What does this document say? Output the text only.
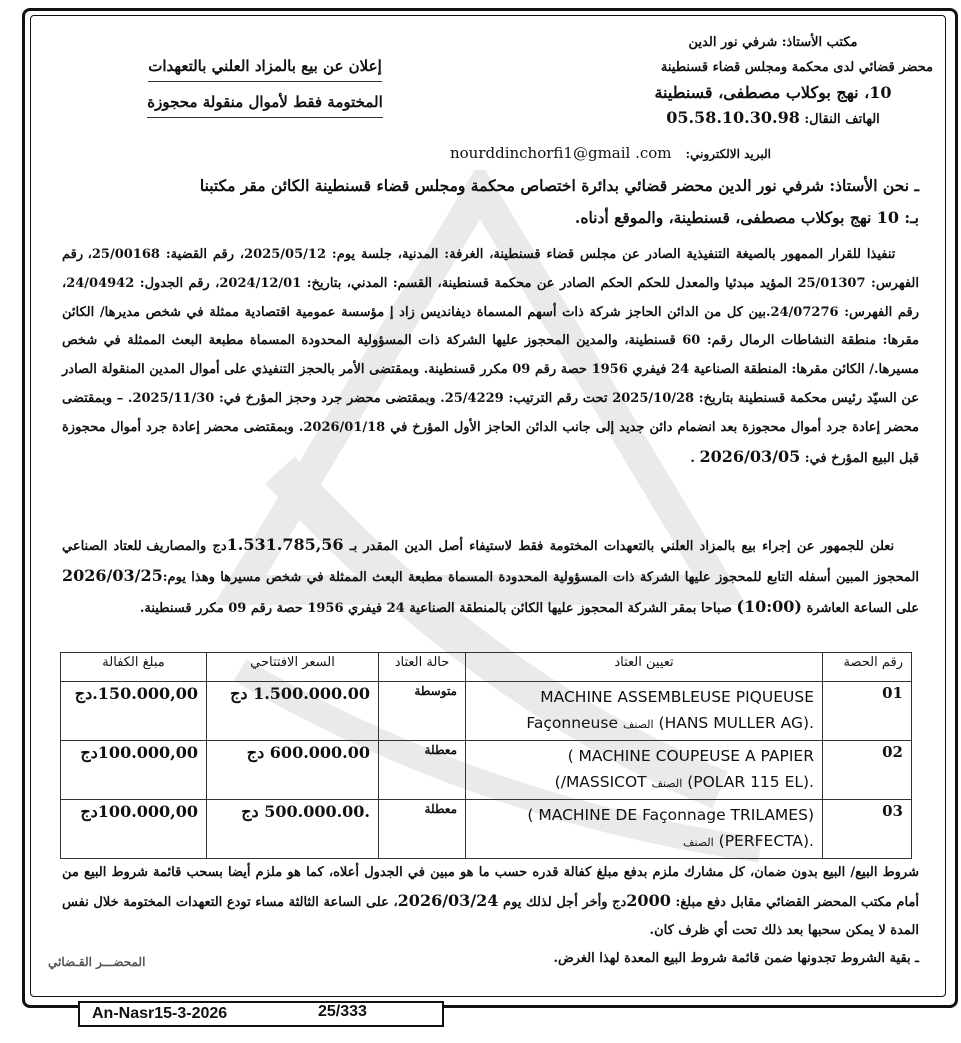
إعلان عن بيع بالمزاد العلني بالتعهدات
المختومة فقط لأموال منقولة محجوزة
مكتب الأستاذ: شرفي نور الدين
محضر قضائي لدى محكمة ومجلس قضاء قسنطينة
10، نهج بوكلاب مصطفى، قسنطينة
الهاتف النقال: 05.58.10.30.98
البريد الالكتروني: nourddinchorfi1@gmail .com
ـ نحن الأستاذ: شرفي نور الدين محضر قضائي بدائرة اختصاص محكمة ومجلس قضاء قسنطينة الكائن مقر مكتبنا
بـ: 10 نهج بوكلاب مصطفى، قسنطينة، والموقع أدناه.
تنفيذا للقرار الممهور بالصيغة التنفيذية الصادر عن مجلس قضاء قسنطينة، الغرفة: المدنية، جلسة يوم: 2025/05/12، رقم القضية: 25/00168، رقم الفهرس: 25/01307 المؤيد مبدئيا والمعدل للحكم الحكم الصادر عن محكمة قسنطينة، القسم: المدني، بتاريخ: 2024/12/01، رقم الجدول: 24/04942، رقم الفهرس: 24/07276.بين كل من الدائن الحاجز شركة ذات أسهم المسماة ديفانديس زاد إ مؤسسة عمومية اقتصادية ممثلة في شخص مديرها/ الكائن مقرها: منطقة النشاطات الرمال رقم: 60 قسنطينة، والمدين المحجوز عليها الشركة ذات المسؤولية المحدودة المسماة مطبعة البعث الممثلة في شخص مسيرها./ الكائن مقرها: المنطقة الصناعية 24 فيفري 1956 حصة رقم 09 مكرر قسنطينة. وبمقتضى الأمر بالحجز التنفيذي على أموال المدين المنقولة الصادر عن السيّد رئيس محكمة قسنطينة بتاريخ: 2025/10/28 تحت رقم الترتيب: 25/4229. وبمقتضى محضر جرد وحجز المؤرخ في: 2025/11/30. – وبمقتضى محضر إعادة جرد أموال محجوزة بعد انضمام دائن جديد إلى جانب الدائن الحاجز الأول المؤرخ في 2026/01/18. وبمقتضى محضر إعادة جرد أموال محجوزة قبل البيع المؤرخ في: 2026/03/05 .
نعلن للجمهور عن إجراء بيع بالمزاد العلني بالتعهدات المختومة فقط لاستيفاء أصل الدين المقدر بـ 1.531.785,56دج والمصاريف للعتاد الصناعي المحجوز المبين أسفله التابع للمحجوز عليها الشركة ذات المسؤولية المحدودة المسماة مطبعة البعث الممثلة في شخص مسيرها وهذا يوم:2026/03/25 على الساعة العاشرة (10:00) صباحا بمقر الشركة المحجوز عليها الكائن بالمنطقة الصناعية 24 فيفري 1956 حصة رقم 09 مكرر قسنطينة.
رقم الحصة	تعيين العتاد	حالة العتاد	السعر الافتتاحي	مبلغ الكفالة
01	MACHINE ASSEMBLEUSE PIQUEUSE
(HANS MULLER AG). الصنف Façonneuse	متوسطة	1.500.000.00 دج	150.000,00.دج
02	MACHINE COUPEUSE A PAPIER )
(POLAR 115 EL). الصنف MASSICOT/)	معطلة	600.000.00 دج	100.000,00دج
03	(MACHINE DE Façonnage TRILAMES )
(PERFECTA). الصنف	معطلة	.500.000.00 دج	100.000,00دج
شروط البيع/ البيع بدون ضمان، كل مشارك ملزم بدفع مبلغ كفالة قدره حسب ما هو مبين في الجدول أعلاه، كما هو ملزم أيضا بسحب قائمة شروط البيع من أمام مكتب المحضر القضائي مقابل دفع مبلغ: 2000دج وأخر أجل لذلك يوم 2026/03/24، على الساعة الثالثة مساء تودع التعهدات المختومة خلال نفس المدة لا يمكن سحبها بعد ذلك تحت أي ظرف كان.
ـ بقية الشروط تجدونها ضمن قائمة شروط البيع المعدة لهذا الغرض.
المحضـــر القـضائي
An-Nasr15-3-2026	25/333
